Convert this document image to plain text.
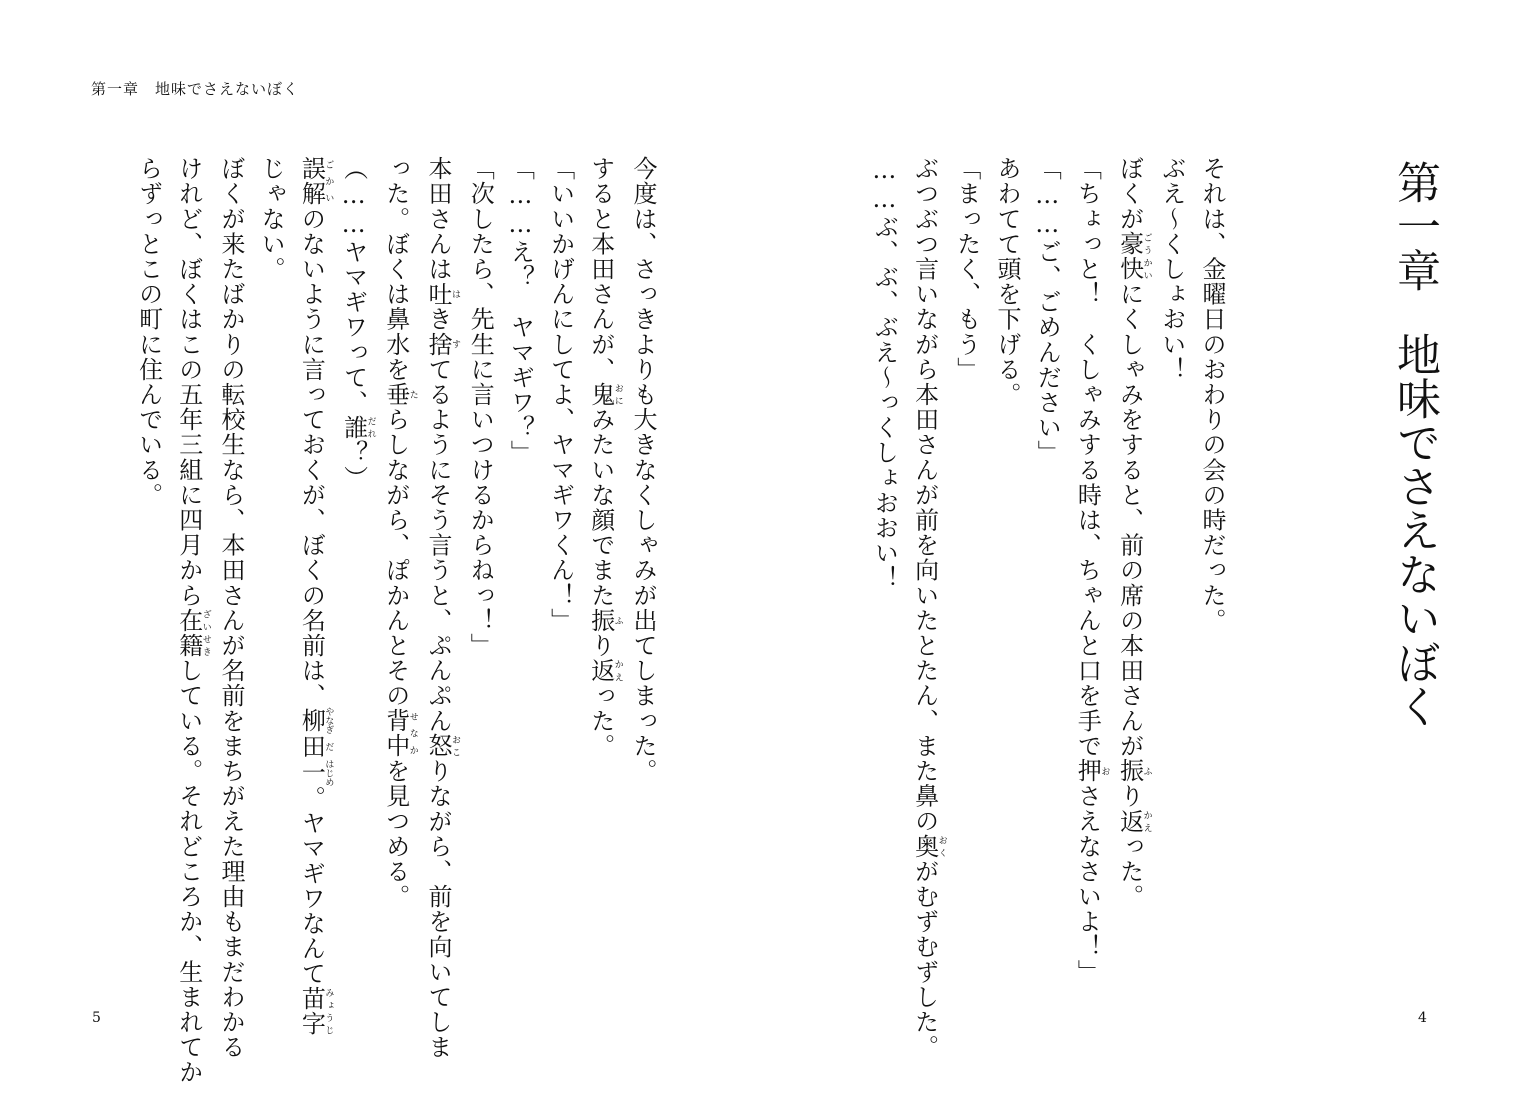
第一章　地味でさえないぼく
第一章地味でさえないぼく
それは、金曜日のおわりの会の時だった。
ぶえ〜くしょおい！
ぼくが豪快ごうかいにくしゃみをすると、前の席の本田さんが振ふり返かえった。
「ちょっと！　くしゃみする時は、ちゃんと口を手で押おさえなさいよ！」
「……ご、ごめんださい」
あわてて頭を下げる。
「まったく、もう」
ぶつぶつ言いながら本田さんが前を向いたとたん、また鼻の奥おくがむずむずした。
……ぶ、ぶ、ぶえ〜っくしょおおい！
今度は、さっきよりも大きなくしゃみが出てしまった。
すると本田さんが、鬼おにみたいな顔でまた振ふり返かえった。
「いいかげんにしてよ、ヤマギワくん！」
「……え？　ヤマギワ？」
「次したら、先生に言いつけるからねっ！」
本田さんは吐はき捨すてるようにそう言うと、ぷんぷん怒おこりながら、前を向いてしま
った。ぼくは鼻水を垂たらしながら、ぽかんとその背中せなかを見つめる。
（……ヤマギワって、誰だれ？）
誤解ごかいのないように言っておくが、ぼくの名前は、柳やなぎ田だ一はじめ。ヤマギワなんて苗字みょうじ
じゃない。
ぼくが来たばかりの転校生なら、本田さんが名前をまちがえた理由もまだわかる
けれど、ぼくはこの五年三組に四月から在籍ざいせきしている。それどころか、生まれてか
らずっとこの町に住んでいる。
5	4
